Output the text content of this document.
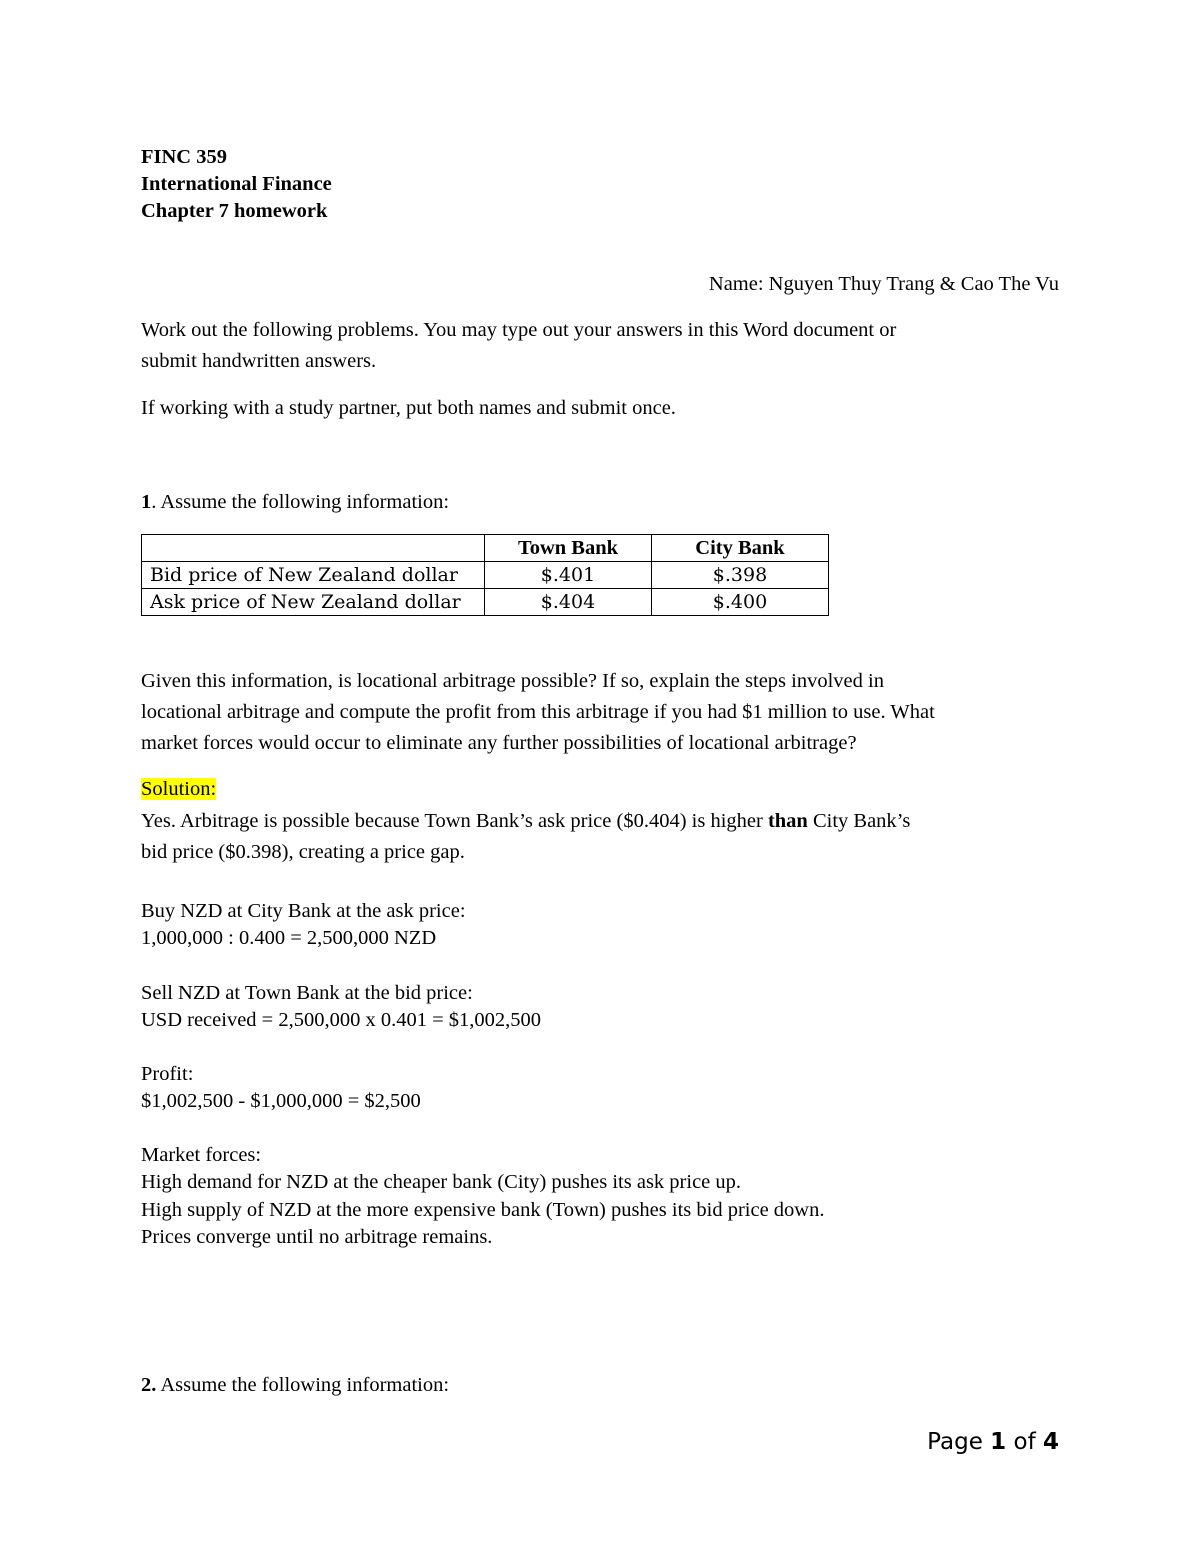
FINC 359
International Finance
Chapter 7 homework
Name: Nguyen Thuy Trang & Cao The Vu
Work out the following problems. You may type out your answers in this Word document or
submit handwritten answers.
If working with a study partner, put both names and submit once.
1. Assume the following information:
	Town Bank	City Bank
Bid price of New Zealand dollar	$.401	$.398
Ask price of New Zealand dollar	$.404	$.400
Given this information, is locational arbitrage possible? If so, explain the steps involved in
locational arbitrage and compute the profit from this arbitrage if you had $1 million to use. What
market forces would occur to eliminate any further possibilities of locational arbitrage?
Solution:
Yes. Arbitrage is possible because Town Bank’s ask price ($0.404) is higher than City Bank’s
bid price ($0.398), creating a price gap.
Buy NZD at City Bank at the ask price:
1,000,000 : 0.400 = 2,500,000 NZD
Sell NZD at Town Bank at the bid price:
USD received = 2,500,000 x 0.401 = $1,002,500
Profit:
$1,002,500 - $1,000,000 = $2,500
Market forces:
High demand for NZD at the cheaper bank (City) pushes its ask price up.
High supply of NZD at the more expensive bank (Town) pushes its bid price down.
Prices converge until no arbitrage remains.
2. Assume the following information:
Page 1 of 4
